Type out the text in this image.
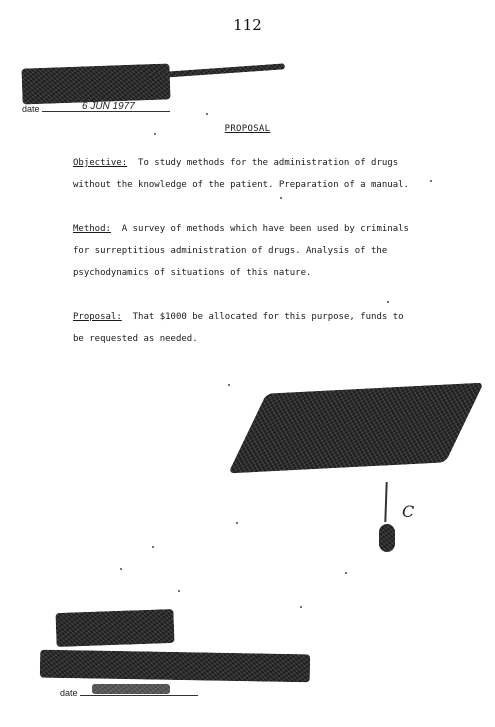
112
date	6 JUN 1977
PROPOSAL
Objective: To study methods for the administration of drugs
without the knowledge of the patient. Preparation of a manual.
Method: A survey of methods which have been used by criminals
for surreptitious administration of drugs. Analysis of the
psychodynamics of situations of this nature.
Proposal: That $1000 be allocated for this purpose, funds to
be requested as needed.
C
date
